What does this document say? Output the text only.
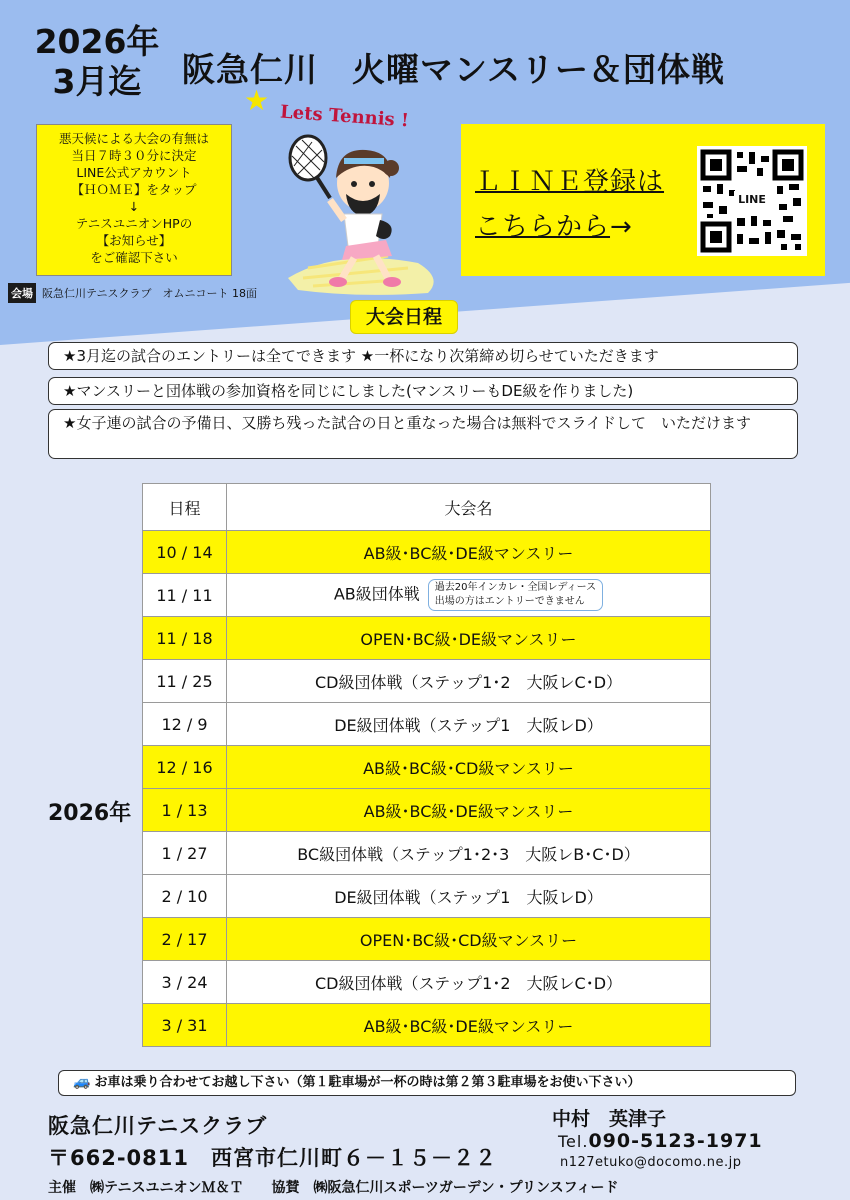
2026年
3月迄	阪急仁川　火曜マンスリー＆団体戦
★ Lets Tennis !
悪天候による大会の有無は
当日７時３０分に決定
LINE公式アカウント
【ＨＯＭＥ】をタップ
↓
テニスユニオンHPの
【お知らせ】
をご確認下さい
ＬＩＮＥ登録は
こちらから→
LINE
会場 阪急仁川テニスクラブ　オムニコート 18面
大会日程
★3月迄の試合のエントリーは全てできます ★一杯になり次第締め切らせていただきます
★マンスリーと団体戦の参加資格を同じにしました(マンスリーもDE級を作りました)
★女子連の試合の予備日、又勝ち残った試合の日と重なった場合は無料でスライドして　いただけます
2026年
日程	大会名
10 / 14	AB級･BC級･DE級マンスリー
11 / 11	AB級団体戦 過去20年インカレ・全国レディース
出場の方はエントリーできません

11 / 18	OPEN･BC級･DE級マンスリー
11 / 25	CD級団体戦（ステップ1･2　大阪レC･D）
12 / 9	DE級団体戦（ステップ1　大阪レD）
12 / 16	AB級･BC級･CD級マンスリー
1 / 13	AB級･BC級･DE級マンスリー
1 / 27	BC級団体戦（ステップ1･2･3　大阪レB･C･D）
2 / 10	DE級団体戦（ステップ1　大阪レD）
2 / 17	OPEN･BC級･CD級マンスリー
3 / 24	CD級団体戦（ステップ1･2　大阪レC･D）
3 / 31	AB級･BC級･DE級マンスリー
🚙 お車は乗り合わせてお越し下さい（第１駐車場が一杯の時は第２第３駐車場をお使い下さい）
阪急仁川テニスクラブ
〒662-0811　西宮市仁川町６－１５－２２
中村　英津子
Tel.090-5123-1971
n127etuko@docomo.ne.jp
主催　㈱テニスユニオンＭ＆Ｔ　　協賛　㈱阪急仁川スポーツガーデン・プリンスフィード
